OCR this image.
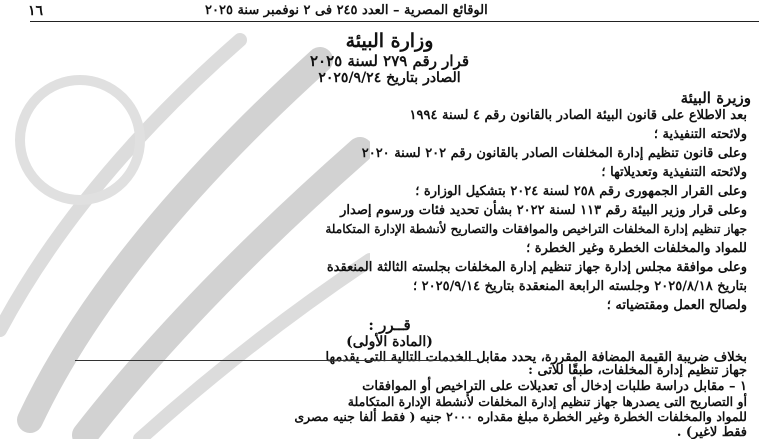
١٦	الوقائع المصرية – العدد ٢٤٥ فى ٢ نوفمبر سنة ٢٠٢٥
وزارة البيئة
قرار رقم ٢٧٩ لسنة ٢٠٢٥
الصادر بتاريخ ٢٠٢٥/٩/٢٤
وزيرة البيئة
بعد الاطلاع على قانون البيئة الصادر بالقانون رقم ٤ لسنة ١٩٩٤
ولائحته التنفيذية ؛
وعلى قانون تنظيم إدارة المخلفات الصادر بالقانون رقم ٢٠٢ لسنة ٢٠٢٠
ولائحته التنفيذية وتعديلاتها ؛
وعلى القرار الجمهورى رقم ٢٥٨ لسنة ٢٠٢٤ بتشكيل الوزارة ؛
وعلى قرار وزير البيئة رقم ١١٣ لسنة ٢٠٢٢ بشأن تحديد فئات ورسوم إصدار
جهاز تنظيم إدارة المخلفات التراخيص والموافقات والتصاريح لأنشطة الإدارة المتكاملة
للمواد والمخلفات الخطرة وغير الخطرة ؛
وعلى موافقة مجلس إدارة جهاز تنظيم إدارة المخلفات بجلسته الثالثة المنعقدة
بتاريخ ٢٠٢٥/٨/١٨ وجلسته الرابعة المنعقدة بتاريخ ٢٠٢٥/٩/١٤ ؛
ولصالح العمل ومقتضياته ؛
قــرر :
(المادة الأولى)
بخلاف ضريبة القيمة المضافة المقررة، يحدد مقابل الخدمات التالية التى يقدمها
جهاز تنظيم إدارة المخلفات، طبقًا للآتى :
١ – مقابل دراسة طلبات إدخال أى تعديلات على التراخيص أو الموافقات
أو التصاريح التى يصدرها جهاز تنظيم إدارة المخلفات لأنشطة الإدارة المتكاملة
للمواد والمخلفات الخطرة وغير الخطرة مبلغ مقداره ٢٠٠٠ جنيه ( فقط ألفا جنيه مصرى
فقط لاغير) .
